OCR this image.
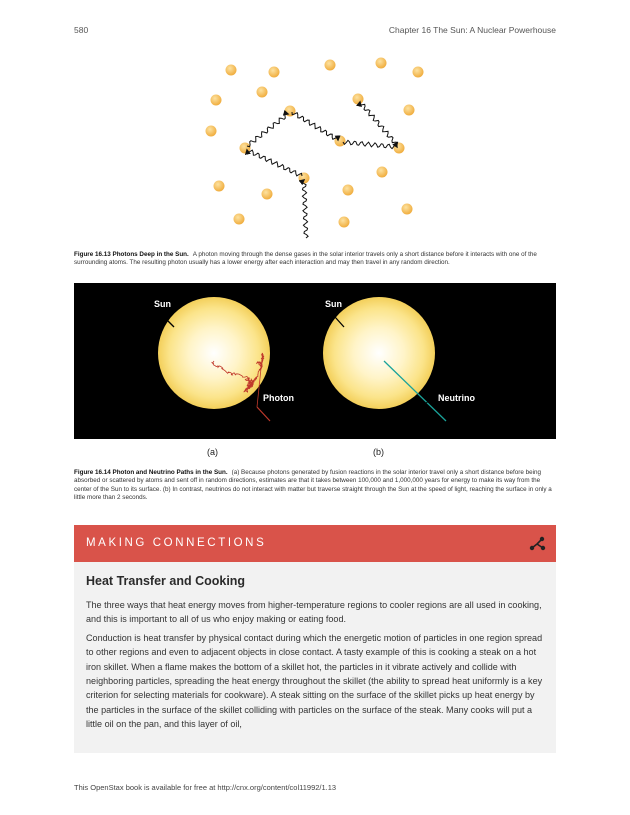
580	Chapter 16 The Sun: A Nuclear Powerhouse
Figure 16.13 Photons Deep in the Sun. A photon moving through the dense gases in the solar interior travels only a short distance before it interacts with one of the surrounding atoms. The resulting photon usually has a lower energy after each interaction and may then travel in any random direction.
Sun
Photon
Sun
Neutrino
(a)	(b)
Figure 16.14 Photon and Neutrino Paths in the Sun. (a) Because photons generated by fusion reactions in the solar interior travel only a short distance before being absorbed or scattered by atoms and sent off in random directions, estimates are that it takes between 100,000 and 1,000,000 years for energy to make its way from the center of the Sun to its surface. (b) In contrast, neutrinos do not interact with matter but traverse straight through the Sun at the speed of light, reaching the surface in only a little more than 2 seconds.
MAKING CONNECTIONS
Heat Transfer and Cooking

The three ways that heat energy moves from higher-temperature regions to cooler regions are all used in cooking, and this is important to all of us who enjoy making or eating food.

Conduction is heat transfer by physical contact during which the energetic motion of particles in one region spread to other regions and even to adjacent objects in close contact. A tasty example of this is cooking a steak on a hot iron skillet. When a flame makes the bottom of a skillet hot, the particles in it vibrate actively and collide with neighboring particles, spreading the heat energy throughout the skillet (the ability to spread heat uniformly is a key criterion for selecting materials for cookware). A steak sitting on the surface of the skillet picks up heat energy by the particles in the surface of the skillet colliding with particles on the surface of the steak. Many cooks will put a little oil on the pan, and this layer of oil,

This OpenStax book is available for free at http://cnx.org/content/col11992/1.13
